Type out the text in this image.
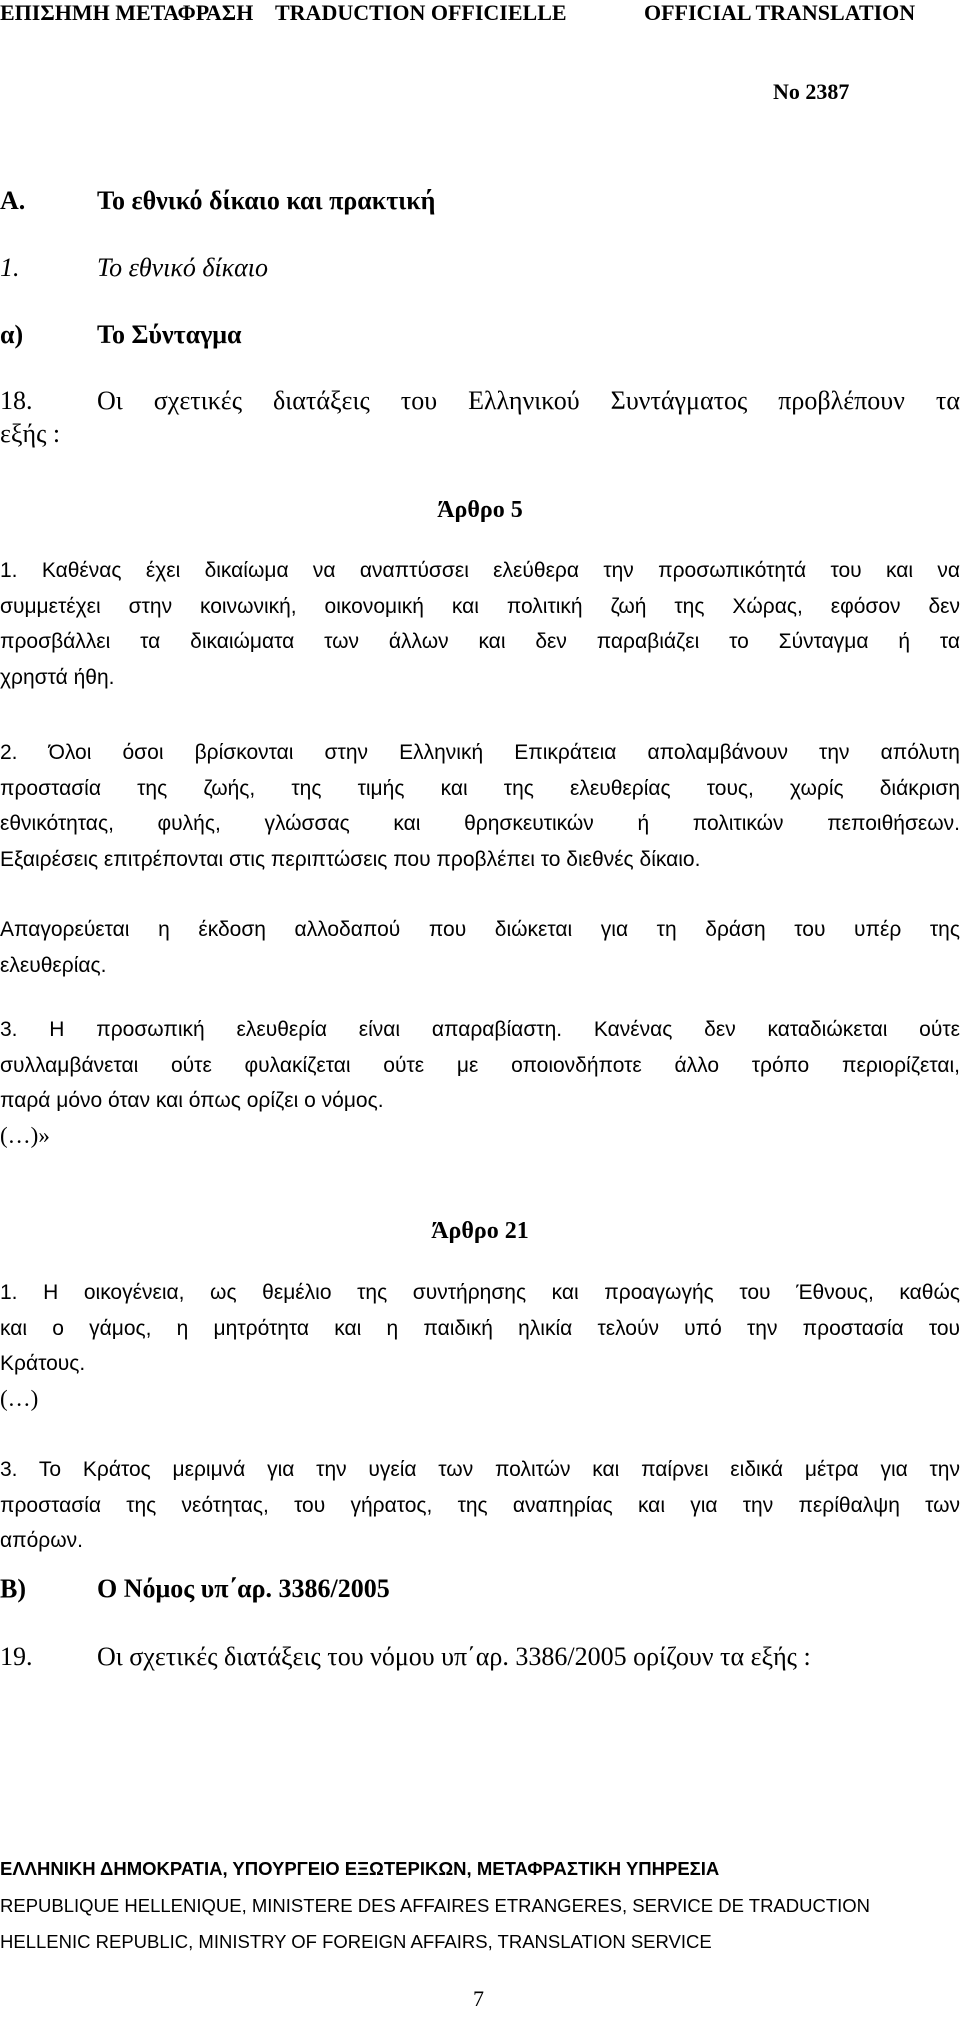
ΕΠΙΣΗΜΗ ΜΕΤΑΦΡΑΣΗ TRADUCTION OFFICIELLE	OFFICIAL TRANSLATION
No 2387
Α.	Το εθνικό δίκαιο και πρακτική
1.	Το εθνικό δίκαιο
α)	Το Σύνταγμα
18. Οι σχετικές διατάξεις του Ελληνικού Συντάγματος προβλέπουν τα
εξής :
Άρθρο 5
1. Καθένας έχει δικαίωμα να αναπτύσσει ελεύθερα την προσωπικότητά του και να
συμμετέχει στην κοινωνική, οικονομική και πολιτική ζωή της Χώρας, εφόσον δεν
προσβάλλει τα δικαιώματα των άλλων και δεν παραβιάζει το Σύνταγμα ή τα
χρηστά ήθη.
2. Όλοι όσοι βρίσκονται στην Ελληνική Επικράτεια απολαμβάνουν την απόλυτη
προστασία της ζωής, της τιμής και της ελευθερίας τους, χωρίς διάκριση
εθνικότητας, φυλής, γλώσσας και θρησκευτικών ή πολιτικών πεποιθήσεων.
Εξαιρέσεις επιτρέπονται στις περιπτώσεις που προβλέπει το διεθνές δίκαιο.
Απαγορεύεται η έκδοση αλλοδαπού που διώκεται για τη δράση του υπέρ της
ελευθερίας.
3. Η προσωπική ελευθερία είναι απαραβίαστη. Κανένας δεν καταδιώκεται ούτε
συλλαμβάνεται ούτε φυλακίζεται ούτε με οποιονδήποτε άλλο τρόπο περιορίζεται,
παρά μόνο όταν και όπως ορίζει ο νόμος.
(…)»
Άρθρο 21
1. Η οικογένεια, ως θεμέλιο της συντήρησης και προαγωγής του Έθνους, καθώς
και ο γάμος, η μητρότητα και η παιδική ηλικία τελούν υπό την προστασία του
Κράτους.
(…)
3. Το Κράτος μεριμνά για την υγεία των πολιτών και παίρνει ειδικά μέτρα για την
προστασία της νεότητας, του γήρατος, της αναπηρίας και για την περίθαλψη των
απόρων.
Β)	Ο Νόμος υπ΄αρ. 3386/2005
19. Οι σχετικές διατάξεις του νόμου υπ΄αρ. 3386/2005 ορίζουν τα εξής :
ΕΛΛΗΝΙΚΗ ΔΗΜΟΚΡΑΤΙΑ, ΥΠΟΥΡΓΕΙΟ ΕΞΩΤΕΡΙΚΩΝ, ΜΕΤΑΦΡΑΣΤΙΚΗ ΥΠΗΡΕΣΙΑ
REPUBLIQUE HELLENIQUE, MINISTERE DES AFFAIRES ETRANGERES, SERVICE DE TRADUCTION
HELLENIC REPUBLIC, MINISTRY OF FOREIGN AFFAIRS, TRANSLATION SERVICE
7
